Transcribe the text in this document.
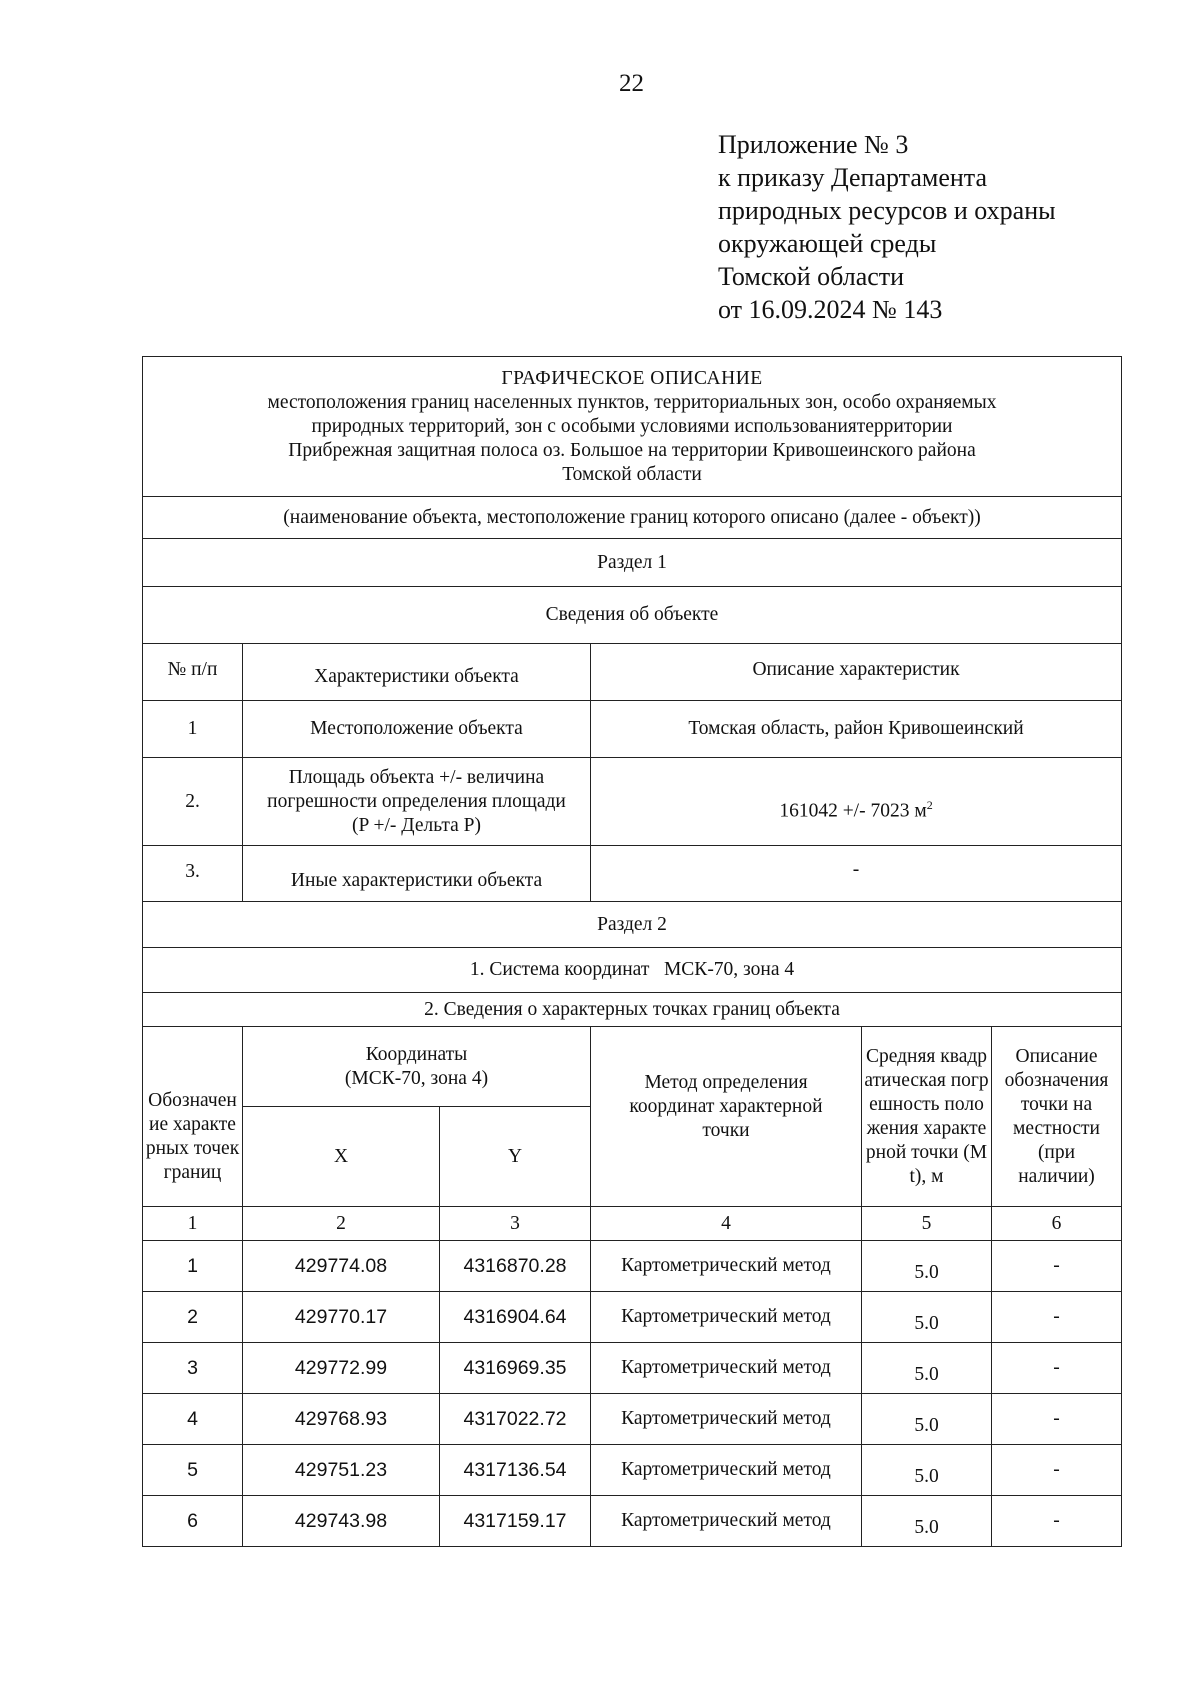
22
Приложение № 3
к приказу Департамента
природных ресурсов и охраны
окружающей среды
Томской области
от 16.09.2024 № 143
ГРАФИЧЕСКОЕ ОПИСАНИЕ
местоположения границ населенных пунктов, территориальных зон, особо охраняемых
природных территорий, зон с особыми условиями использованиятерритории
Прибрежная защитная полоса оз. Большое на территории Кривошеинского района
Томской области					

(наименование объекта, местоположение границ которого описано (далее - объект))					
Раздел 1					
Сведения об объекте					
№ п/п	Характеристики объекта		Описание характеристик		
1	Местоположение объекта		Томская область, район Кривошеинский		
2.	Площадь объекта +/- величина погрешности определения площади (P +/- Дельта P)		161042 +/- 7023 $м^2$
3.	Иные характеристики объекта		-		
Раздел 2					
1. Система координат   МСК-70, зона 4					
2. Сведения о характерных точках границ объекта					
Обозначение характерных точек границ	Координаты (МСК-70, зона 4)		Метод определения координат характерной точки	Средняя квадратическая погрешность положения характерной точки (Mt), м	Описание обозначения точки на местности (при наличии)
	X	Y			
1	2	3	4	5	6
1	429774.08	4316870.28	Картометрический метод	5.0	-
2	429770.17	4316904.64	Картометрический метод	5.0	-
3	429772.99	4316969.35	Картометрический метод	5.0	-
4	429768.93	4317022.72	Картометрический метод	5.0	-
5	429751.23	4317136.54	Картометрический метод	5.0	-
6	429743.98	4317159.17	Картометрический метод	5.0	-
